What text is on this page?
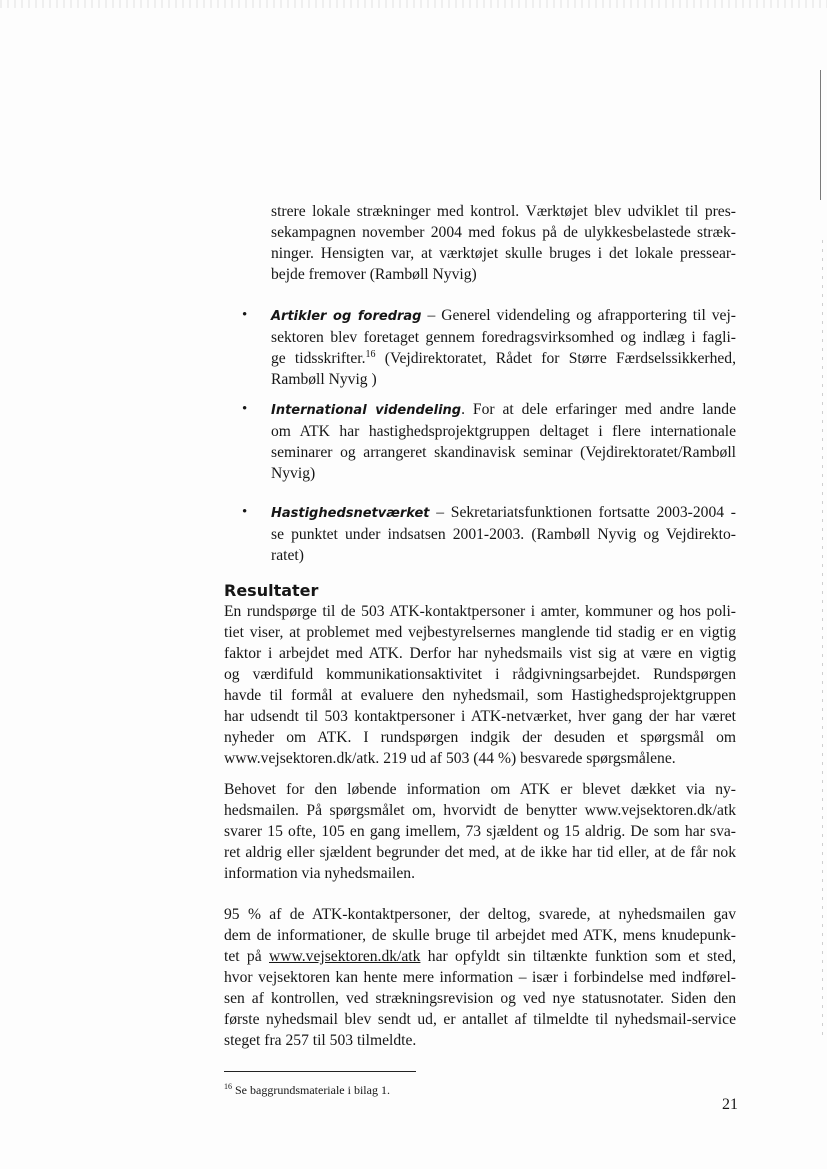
strere lokale strækninger med kontrol. Værktøjet blev udviklet til pres-
sekampagnen november 2004 med fokus på de ulykkesbelastede stræk-
ninger. Hensigten var, at værktøjet skulle bruges i det lokale pressear-
bejde fremover (Rambøll Nyvig)
• Artikler og foredrag – Generel videndeling og afrapportering til vej-
sektoren blev foretaget gennem foredragsvirksomhed og indlæg i fagli-
ge tidsskrifter.$^{16}$ (Vejdirektoratet, Rådet for Større Færdselssikkerhed,
Rambøll Nyvig )
• International videndeling. For at dele erfaringer med andre lande
om ATK har hastighedsprojektgruppen deltaget i flere internationale
seminarer og arrangeret skandinavisk seminar (Vejdirektoratet/Rambøll
Nyvig)
• Hastighedsnetværket – Sekretariatsfunktionen fortsatte 2003-2004 -
se punktet under indsatsen 2001-2003. (Rambøll Nyvig og Vejdirekto-
ratet)
Resultater
En rundspørge til de 503 ATK-kontaktpersoner i amter, kommuner og hos poli-
tiet viser, at problemet med vejbestyrelsernes manglende tid stadig er en vigtig
faktor i arbejdet med ATK. Derfor har nyhedsmails vist sig at være en vigtig
og værdifuld kommunikationsaktivitet i rådgivningsarbejdet. Rundspørgen
havde til formål at evaluere den nyhedsmail, som Hastighedsprojektgruppen
har udsendt til 503 kontaktpersoner i ATK-netværket, hver gang der har været
nyheder om ATK. I rundspørgen indgik der desuden et spørgsmål om
www.vejsektoren.dk/atk. 219 ud af 503 (44 %) besvarede spørgsmålene.
Behovet for den løbende information om ATK er blevet dækket via ny-
hedsmailen. På spørgsmålet om, hvorvidt de benytter www.vejsektoren.dk/atk
svarer 15 ofte, 105 en gang imellem, 73 sjældent og 15 aldrig. De som har sva-
ret aldrig eller sjældent begrunder det med, at de ikke har tid eller, at de får nok
information via nyhedsmailen.
95 % af de ATK-kontaktpersoner, der deltog, svarede, at nyhedsmailen gav
dem de informationer, de skulle bruge til arbejdet med ATK, mens knudepunk-
tet på www.vejsektoren.dk/atk har opfyldt sin tiltænkte funktion som et sted,
hvor vejsektoren kan hente mere information – især i forbindelse med indførel-
sen af kontrollen, ved strækningsrevision og ved nye statusnotater. Siden den
første nyhedsmail blev sendt ud, er antallet af tilmeldte til nyhedsmail-service
steget fra 257 til 503 tilmeldte.
$^{16}$ Se baggrundsmateriale i bilag 1.
21
